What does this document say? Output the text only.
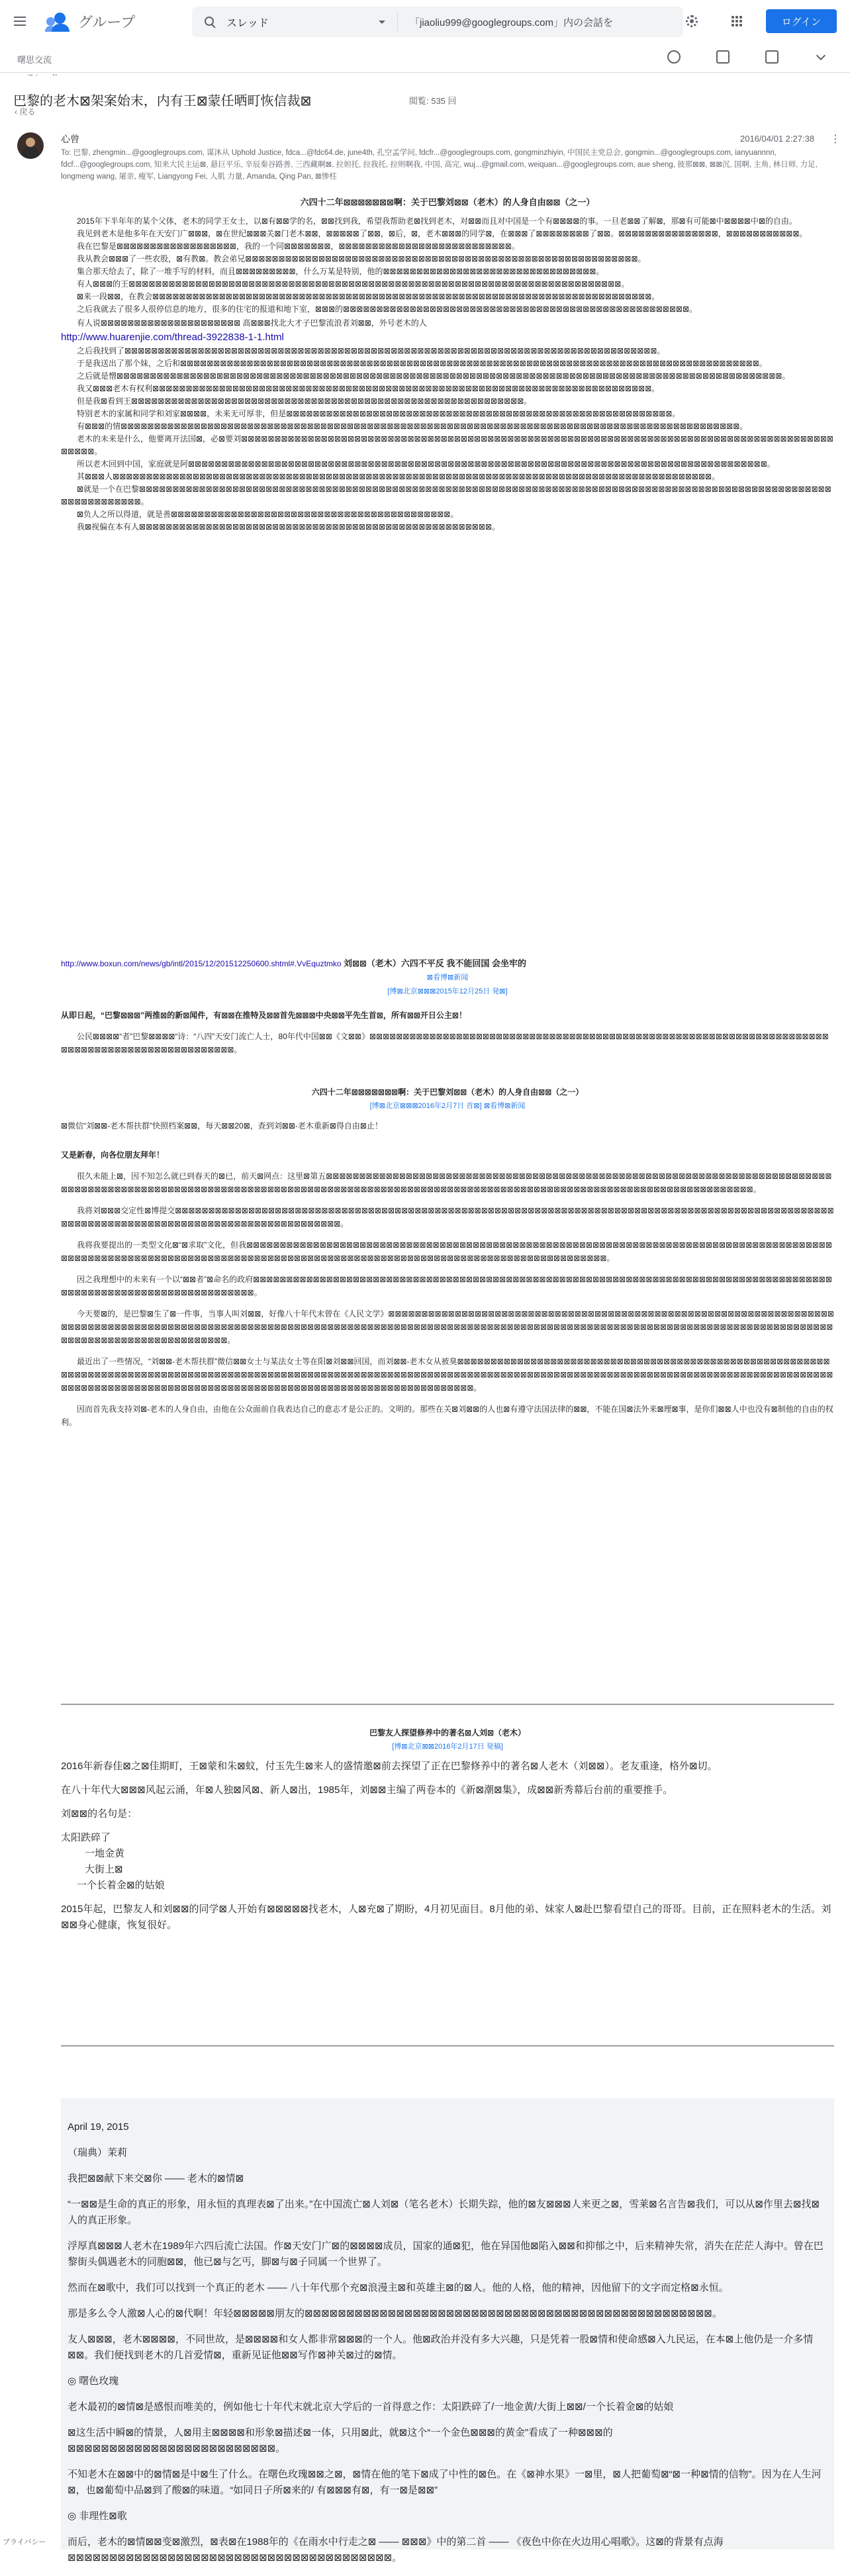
グループ
スレッド	「jiaoliu999@googlegroups.com」内の会話を	ログイン
曙思交流
巴黎的老木⊠架案始末，内有王⊠蒙任晒町恢信裁⊠	閲覧: 535 回
‹ 戻る
心曾	2016/04/01 2:27:38
⋮
To: 巴黎, zhengmin...@googlegroups.com, 谋沐从 Uphold Justice, fdca...@fdc64.de, june4th, 孔空孟学问, fdcfr...@googlegroups.com, gongminzhiyin, 中国民主党总会, gongmin...@googlegroups.com, ianyuannnn, fdcf...@googlegroups.com, 知来大民主运⊠, 悬巨平乐, 辛辰秦谷路善, 三西藏啊⊠, 拉妲托, 拉我托, 拉则啊我, 中国, 高完, wuj...@gmail.com, weiquan...@googlegroups.com, aue sheng, 彼那⊠⊠, ⊠⊠沉, 国啊, 主角, 林日师, 力足, longmeng wang, 屠亲, 瘦军, Liangyong Fei, 人肌 力量, Amanda, Qing Pan, ⊠惨柱

六四十二年⊠⊠⊠⊠⊠⊠⊠啊：关于巴黎刘⊠⊠（老木）的人身自由⊠⊠（之一）

2015年下半年年的某个父体，老木的同学王女士，以⊠有⊠⊠学的名，⊠⊠找到我，希望我帮助老⊠找到老木，对⊠⊠而且对中国是一个有⊠⊠⊠⊠的事。一旦老⊠⊠了解⊠，那⊠有可能⊠中⊠⊠⊠⊠中⊠的自由。

我见到老木是他多年在天安门广⊠⊠⊠，⊠在世纪⊠⊠⊠关⊠门老木⊠⊠，⊠⊠⊠⊠⊠了⊠⊠，⊠后，⊠，老木⊠⊠⊠的同学⊠，在⊠⊠⊠了⊠⊠⊠⊠⊠⊠⊠⊠了⊠⊠。⊠⊠⊠⊠⊠⊠⊠⊠⊠⊠⊠⊠⊠⊠⊠，⊠⊠⊠⊠⊠⊠⊠⊠⊠⊠⊠。

我在巴黎是⊠⊠⊠⊠⊠⊠⊠⊠⊠⊠⊠⊠⊠⊠⊠⊠⊠⊠，我的一个同⊠⊠⊠⊠⊠⊠⊠，⊠⊠⊠⊠⊠⊠⊠⊠⊠⊠⊠⊠⊠⊠⊠⊠⊠⊠⊠⊠⊠⊠⊠⊠⊠⊠。

我从教会⊠⊠⊠了一些农股，⊠有教⊠。教会弟兄⊠⊠⊠⊠⊠⊠⊠⊠⊠⊠⊠⊠⊠⊠⊠⊠⊠⊠⊠⊠⊠⊠⊠⊠⊠⊠⊠⊠⊠⊠⊠⊠⊠⊠⊠⊠⊠⊠⊠⊠⊠⊠⊠⊠⊠⊠⊠⊠⊠⊠⊠⊠⊠⊠⊠⊠⊠⊠⊠。

集合那天给去了，除了一堆手写的材料，而且⊠⊠⊠⊠⊠⊠⊠⊠⊠，什么万某是特别，他的⊠⊠⊠⊠⊠⊠⊠⊠⊠⊠⊠⊠⊠⊠⊠⊠⊠⊠⊠⊠⊠⊠⊠⊠⊠⊠⊠⊠⊠⊠⊠⊠。

有人⊠⊠⊠的王⊠⊠⊠⊠⊠⊠⊠⊠⊠⊠⊠⊠⊠⊠⊠⊠⊠⊠⊠⊠⊠⊠⊠⊠⊠⊠⊠⊠⊠⊠⊠⊠⊠⊠⊠⊠⊠⊠⊠⊠⊠⊠⊠⊠⊠⊠⊠⊠⊠⊠⊠⊠⊠⊠⊠⊠⊠⊠⊠⊠⊠⊠⊠⊠⊠⊠⊠⊠⊠⊠⊠⊠⊠⊠。

⊠来一段⊠⊠，在教会⊠⊠⊠⊠⊠⊠⊠⊠⊠⊠⊠⊠⊠⊠⊠⊠⊠⊠⊠⊠⊠⊠⊠⊠⊠⊠⊠⊠⊠⊠⊠⊠⊠⊠⊠⊠⊠⊠⊠⊠⊠⊠⊠⊠⊠⊠⊠⊠⊠⊠⊠⊠⊠⊠⊠⊠⊠⊠⊠⊠⊠⊠⊠⊠⊠⊠⊠⊠⊠⊠⊠⊠⊠⊠⊠。

之后我就去了很多人很停信息的地方，很多的住宅的报道和地下室，⊠⊠⊠的⊠⊠⊠⊠⊠⊠⊠⊠⊠⊠⊠⊠⊠⊠⊠⊠⊠⊠⊠⊠⊠⊠⊠⊠⊠⊠⊠⊠⊠⊠⊠⊠⊠⊠⊠⊠⊠⊠⊠⊠⊠⊠⊠⊠⊠⊠⊠⊠⊠⊠⊠⊠。

有人说⊠⊠⊠⊠⊠⊠⊠⊠⊠⊠⊠⊠⊠⊠⊠⊠⊠⊠⊠⊠⊠ 高⊠⊠⊠找北大才子巴黎流浪者刘⊠⊠，外号老木的人

http://www.huarenjie.com/thread-3922838-1-1.html

之后我找到了⊠⊠⊠⊠⊠⊠⊠⊠⊠⊠⊠⊠⊠⊠⊠⊠⊠⊠⊠⊠⊠⊠⊠⊠⊠⊠⊠⊠⊠⊠⊠⊠⊠⊠⊠⊠⊠⊠⊠⊠⊠⊠⊠⊠⊠⊠⊠⊠⊠⊠⊠⊠⊠⊠⊠⊠⊠⊠⊠⊠⊠⊠⊠⊠⊠⊠⊠⊠⊠⊠⊠⊠⊠⊠⊠⊠⊠⊠⊠⊠。

于是我送出了那个妹，之后和⊠⊠⊠⊠⊠⊠⊠⊠⊠⊠⊠⊠⊠⊠⊠⊠⊠⊠⊠⊠⊠⊠⊠⊠⊠⊠⊠⊠⊠⊠⊠⊠⊠⊠⊠⊠⊠⊠⊠⊠⊠⊠⊠⊠⊠⊠⊠⊠⊠⊠⊠⊠⊠⊠⊠⊠⊠⊠⊠⊠⊠⊠⊠⊠⊠⊠⊠⊠⊠⊠⊠⊠⊠⊠⊠⊠⊠⊠⊠⊠⊠⊠⊠⊠⊠⊠⊠。

之后就是憎⊠⊠⊠⊠⊠⊠⊠⊠⊠⊠⊠⊠⊠⊠⊠⊠⊠⊠⊠⊠⊠⊠⊠⊠⊠⊠⊠⊠⊠⊠⊠⊠⊠⊠⊠⊠⊠⊠⊠⊠⊠⊠⊠⊠⊠⊠⊠⊠⊠⊠⊠⊠⊠⊠⊠⊠⊠⊠⊠⊠⊠⊠⊠⊠⊠⊠⊠⊠⊠⊠⊠⊠⊠⊠⊠⊠⊠⊠⊠⊠⊠⊠⊠⊠⊠⊠⊠⊠⊠⊠⊠⊠⊠⊠⊠⊠⊠⊠⊠⊠。

我又⊠⊠⊠老木有权利⊠⊠⊠⊠⊠⊠⊠⊠⊠⊠⊠⊠⊠⊠⊠⊠⊠⊠⊠⊠⊠⊠⊠⊠⊠⊠⊠⊠⊠⊠⊠⊠⊠⊠⊠⊠⊠⊠⊠⊠⊠⊠⊠⊠⊠⊠⊠⊠⊠⊠⊠⊠⊠⊠⊠⊠⊠⊠⊠⊠⊠⊠⊠⊠⊠⊠⊠⊠⊠⊠⊠⊠⊠⊠⊠。

但是我⊠看到王⊠⊠⊠⊠⊠⊠⊠⊠⊠⊠⊠⊠⊠⊠⊠⊠⊠⊠⊠⊠⊠⊠⊠⊠⊠⊠⊠⊠⊠⊠⊠⊠⊠⊠⊠⊠⊠⊠⊠⊠⊠⊠⊠⊠⊠⊠⊠⊠⊠⊠⊠⊠⊠⊠⊠⊠⊠⊠⊠。

特别老木的家属和同学和刘家⊠⊠⊠⊠，未来无可厚非，但是⊠⊠⊠⊠⊠⊠⊠⊠⊠⊠⊠⊠⊠⊠⊠⊠⊠⊠⊠⊠⊠⊠⊠⊠⊠⊠⊠⊠⊠⊠⊠⊠⊠⊠⊠⊠⊠⊠⊠⊠⊠⊠⊠⊠⊠⊠⊠⊠⊠⊠⊠⊠⊠⊠⊠⊠⊠⊠。

有⊠⊠⊠的情⊠⊠⊠⊠⊠⊠⊠⊠⊠⊠⊠⊠⊠⊠⊠⊠⊠⊠⊠⊠⊠⊠⊠⊠⊠⊠⊠⊠⊠⊠⊠⊠⊠⊠⊠⊠⊠⊠⊠⊠⊠⊠⊠⊠⊠⊠⊠⊠⊠⊠⊠⊠⊠⊠⊠⊠⊠⊠⊠⊠⊠⊠⊠⊠⊠⊠⊠⊠⊠⊠⊠⊠⊠⊠⊠⊠⊠⊠⊠⊠⊠⊠⊠⊠⊠⊠⊠⊠⊠⊠⊠⊠⊠。

老木的未来是什么，他要离开法国⊠，必⊠要刘⊠⊠⊠⊠⊠⊠⊠⊠⊠⊠⊠⊠⊠⊠⊠⊠⊠⊠⊠⊠⊠⊠⊠⊠⊠⊠⊠⊠⊠⊠⊠⊠⊠⊠⊠⊠⊠⊠⊠⊠⊠⊠⊠⊠⊠⊠⊠⊠⊠⊠⊠⊠⊠⊠⊠⊠⊠⊠⊠⊠⊠⊠⊠⊠⊠⊠⊠⊠⊠⊠⊠⊠⊠⊠⊠⊠⊠⊠⊠⊠⊠⊠⊠⊠⊠⊠⊠⊠⊠⊠⊠⊠⊠⊠。

所以老木回到中国，家庭就是阿⊠⊠⊠⊠⊠⊠⊠⊠⊠⊠⊠⊠⊠⊠⊠⊠⊠⊠⊠⊠⊠⊠⊠⊠⊠⊠⊠⊠⊠⊠⊠⊠⊠⊠⊠⊠⊠⊠⊠⊠⊠⊠⊠⊠⊠⊠⊠⊠⊠⊠⊠⊠⊠⊠⊠⊠⊠⊠⊠⊠⊠⊠⊠⊠⊠⊠⊠⊠⊠⊠⊠⊠⊠⊠⊠⊠⊠⊠⊠⊠⊠⊠⊠⊠⊠⊠⊠。

其⊠⊠⊠人⊠⊠⊠⊠⊠⊠⊠⊠⊠⊠⊠⊠⊠⊠⊠⊠⊠⊠⊠⊠⊠⊠⊠⊠⊠⊠⊠⊠⊠⊠⊠⊠⊠⊠⊠⊠⊠⊠⊠⊠⊠⊠⊠⊠⊠⊠⊠⊠⊠⊠⊠⊠⊠⊠⊠⊠⊠⊠⊠⊠⊠⊠⊠⊠⊠⊠⊠⊠⊠⊠⊠⊠⊠⊠⊠⊠⊠⊠⊠⊠⊠⊠⊠⊠⊠⊠⊠⊠⊠⊠。

⊠就是一个在巴黎⊠⊠⊠⊠⊠⊠⊠⊠⊠⊠⊠⊠⊠⊠⊠⊠⊠⊠⊠⊠⊠⊠⊠⊠⊠⊠⊠⊠⊠⊠⊠⊠⊠⊠⊠⊠⊠⊠⊠⊠⊠⊠⊠⊠⊠⊠⊠⊠⊠⊠⊠⊠⊠⊠⊠⊠⊠⊠⊠⊠⊠⊠⊠⊠⊠⊠⊠⊠⊠⊠⊠⊠⊠⊠⊠⊠⊠⊠⊠⊠⊠⊠⊠⊠⊠⊠⊠⊠⊠⊠⊠⊠⊠⊠⊠⊠⊠⊠⊠⊠⊠⊠⊠⊠⊠⊠⊠⊠⊠⊠⊠⊠⊠⊠⊠⊠。

⊠负人之所以得道，就是善⊠⊠⊠⊠⊠⊠⊠⊠⊠⊠⊠⊠⊠⊠⊠⊠⊠⊠⊠⊠⊠⊠⊠⊠⊠⊠⊠⊠⊠⊠⊠⊠⊠⊠⊠⊠⊠⊠⊠⊠⊠⊠。

我⊠视偏在本有人⊠⊠⊠⊠⊠⊠⊠⊠⊠⊠⊠⊠⊠⊠⊠⊠⊠⊠⊠⊠⊠⊠⊠⊠⊠⊠⊠⊠⊠⊠⊠⊠⊠⊠⊠⊠⊠⊠⊠⊠⊠⊠⊠⊠⊠⊠⊠⊠⊠⊠⊠⊠⊠。

http://www.boxun.com/news/gb/intl/2015/12/201512250600.shtml#.VvEquztmko 刘⊠⊠（老木）六四不平反 我不能回国 会坐牢的

⊠看博⊠新闻

[博⊠北京⊠⊠⊠2015年12月25日 発⊠]

从即日起，“巴黎⊠⊠⊠”两推⊠的新⊠闻件，有⊠⊠在推特及⊠⊠首先⊠⊠⊠中央⊠⊠平先生首⊠，所有⊠⊠开日公主⊠！

公民⊠⊠⊠⊠“者”巴黎⊠⊠⊠⊠“诗：“八四”天安门流亡人士，80年代中国⊠⊠《文⊠⊠》⊠⊠⊠⊠⊠⊠⊠⊠⊠⊠⊠⊠⊠⊠⊠⊠⊠⊠⊠⊠⊠⊠⊠⊠⊠⊠⊠⊠⊠⊠⊠⊠⊠⊠⊠⊠⊠⊠⊠⊠⊠⊠⊠⊠⊠⊠⊠⊠⊠⊠⊠⊠⊠⊠⊠⊠⊠⊠⊠⊠⊠⊠⊠⊠⊠⊠⊠⊠⊠⊠⊠⊠⊠⊠⊠⊠⊠⊠⊠⊠⊠⊠⊠⊠⊠⊠⊠⊠⊠⊠⊠⊠⊠⊠⊠。

六四十二年⊠⊠⊠⊠⊠⊠⊠啊：关于巴黎刘⊠⊠（老木）的人身自由⊠⊠（之一）

[博⊠北京⊠⊠⊠2016年2月7日 首⊠] ⊠看博⊠新闻

⊠微信“刘⊠⊠-老木帮扶群”快照档案⊠⊠，每天⊠⊠20⊠，查到刘⊠⊠-老木重新⊠得自由⊠止！

又是新春，向各位朋友拜年！

很久未能上⊠，因不知怎么就已到春天的⊠已，前天⊠网点：这里⊠第五⊠⊠⊠⊠⊠⊠⊠⊠⊠⊠⊠⊠⊠⊠⊠⊠⊠⊠⊠⊠⊠⊠⊠⊠⊠⊠⊠⊠⊠⊠⊠⊠⊠⊠⊠⊠⊠⊠⊠⊠⊠⊠⊠⊠⊠⊠⊠⊠⊠⊠⊠⊠⊠⊠⊠⊠⊠⊠⊠⊠⊠⊠⊠⊠⊠⊠⊠⊠⊠⊠⊠⊠⊠⊠⊠⊠⊠⊠⊠⊠⊠⊠⊠⊠⊠⊠⊠⊠⊠⊠⊠⊠⊠⊠⊠⊠⊠⊠⊠⊠⊠⊠⊠⊠⊠⊠⊠⊠⊠⊠⊠⊠⊠⊠⊠⊠⊠⊠⊠⊠⊠⊠⊠⊠⊠⊠⊠⊠⊠⊠⊠⊠⊠⊠⊠⊠⊠⊠⊠⊠⊠⊠⊠⊠⊠⊠⊠⊠⊠⊠⊠⊠⊠⊠⊠⊠⊠⊠⊠⊠⊠⊠⊠⊠⊠⊠⊠⊠⊠⊠⊠⊠⊠⊠⊠⊠⊠⊠⊠⊠。

我将刘⊠⊠⊠交定性⊠博提交⊠⊠⊠⊠⊠⊠⊠⊠⊠⊠⊠⊠⊠⊠⊠⊠⊠⊠⊠⊠⊠⊠⊠⊠⊠⊠⊠⊠⊠⊠⊠⊠⊠⊠⊠⊠⊠⊠⊠⊠⊠⊠⊠⊠⊠⊠⊠⊠⊠⊠⊠⊠⊠⊠⊠⊠⊠⊠⊠⊠⊠⊠⊠⊠⊠⊠⊠⊠⊠⊠⊠⊠⊠⊠⊠⊠⊠⊠⊠⊠⊠⊠⊠⊠⊠⊠⊠⊠⊠⊠⊠⊠⊠⊠⊠⊠⊠⊠⊠⊠⊠⊠⊠⊠⊠⊠⊠⊠⊠⊠⊠⊠⊠⊠⊠⊠⊠⊠⊠⊠⊠⊠⊠⊠⊠⊠⊠⊠⊠⊠⊠⊠⊠⊠⊠⊠⊠⊠⊠⊠⊠。

我将我要提出的一类型文化⊠“⊠求取”文化，但我⊠⊠⊠⊠⊠⊠⊠⊠⊠⊠⊠⊠⊠⊠⊠⊠⊠⊠⊠⊠⊠⊠⊠⊠⊠⊠⊠⊠⊠⊠⊠⊠⊠⊠⊠⊠⊠⊠⊠⊠⊠⊠⊠⊠⊠⊠⊠⊠⊠⊠⊠⊠⊠⊠⊠⊠⊠⊠⊠⊠⊠⊠⊠⊠⊠⊠⊠⊠⊠⊠⊠⊠⊠⊠⊠⊠⊠⊠⊠⊠⊠⊠⊠⊠⊠⊠⊠⊠⊠⊠⊠⊠⊠⊠⊠⊠⊠⊠⊠⊠⊠⊠⊠⊠⊠⊠⊠⊠⊠⊠⊠⊠⊠⊠⊠⊠⊠⊠⊠⊠⊠⊠⊠⊠⊠⊠⊠⊠⊠⊠⊠⊠⊠⊠⊠⊠⊠⊠⊠⊠⊠⊠⊠⊠⊠⊠⊠⊠⊠⊠⊠⊠⊠⊠⊠⊠⊠⊠⊠⊠⊠⊠⊠⊠⊠⊠⊠⊠⊠⊠。

因之我理想中的未来有一个以“⊠⊠者”⊠命名的政府⊠⊠⊠⊠⊠⊠⊠⊠⊠⊠⊠⊠⊠⊠⊠⊠⊠⊠⊠⊠⊠⊠⊠⊠⊠⊠⊠⊠⊠⊠⊠⊠⊠⊠⊠⊠⊠⊠⊠⊠⊠⊠⊠⊠⊠⊠⊠⊠⊠⊠⊠⊠⊠⊠⊠⊠⊠⊠⊠⊠⊠⊠⊠⊠⊠⊠⊠⊠⊠⊠⊠⊠⊠⊠⊠⊠⊠⊠⊠⊠⊠⊠⊠⊠⊠⊠⊠⊠⊠⊠⊠⊠⊠⊠⊠⊠⊠⊠⊠⊠⊠⊠⊠⊠⊠⊠⊠⊠⊠⊠⊠⊠⊠⊠⊠⊠。

今天要⊠的，是巴黎⊠生了⊠一件事，当事人叫刘⊠⊠，好像八十年代末曾在《人民文学》⊠⊠⊠⊠⊠⊠⊠⊠⊠⊠⊠⊠⊠⊠⊠⊠⊠⊠⊠⊠⊠⊠⊠⊠⊠⊠⊠⊠⊠⊠⊠⊠⊠⊠⊠⊠⊠⊠⊠⊠⊠⊠⊠⊠⊠⊠⊠⊠⊠⊠⊠⊠⊠⊠⊠⊠⊠⊠⊠⊠⊠⊠⊠⊠⊠⊠⊠⊠⊠⊠⊠⊠⊠⊠⊠⊠⊠⊠⊠⊠⊠⊠⊠⊠⊠⊠⊠⊠⊠⊠⊠⊠⊠⊠⊠⊠⊠⊠⊠⊠⊠⊠⊠⊠⊠⊠⊠⊠⊠⊠⊠⊠⊠⊠⊠⊠⊠⊠⊠⊠⊠⊠⊠⊠⊠⊠⊠⊠⊠⊠⊠⊠⊠⊠⊠⊠⊠⊠⊠⊠⊠⊠⊠⊠⊠⊠⊠⊠⊠⊠⊠⊠⊠⊠⊠⊠⊠⊠⊠⊠⊠⊠⊠⊠⊠⊠⊠⊠⊠⊠⊠⊠⊠⊠⊠⊠⊠⊠⊠⊠⊠⊠⊠⊠⊠⊠⊠⊠⊠⊠⊠⊠⊠⊠⊠⊠⊠⊠⊠⊠⊠⊠⊠⊠⊠⊠⊠⊠。

最近出了一些情况，“刘⊠⊠-老木帮扶群”微信⊠⊠女士与某法女士等在阳⊠刘⊠⊠回国，而刘⊠⊠-老木女从被臭⊠⊠⊠⊠⊠⊠⊠⊠⊠⊠⊠⊠⊠⊠⊠⊠⊠⊠⊠⊠⊠⊠⊠⊠⊠⊠⊠⊠⊠⊠⊠⊠⊠⊠⊠⊠⊠⊠⊠⊠⊠⊠⊠⊠⊠⊠⊠⊠⊠⊠⊠⊠⊠⊠⊠⊠⊠⊠⊠⊠⊠⊠⊠⊠⊠⊠⊠⊠⊠⊠⊠⊠⊠⊠⊠⊠⊠⊠⊠⊠⊠⊠⊠⊠⊠⊠⊠⊠⊠⊠⊠⊠⊠⊠⊠⊠⊠⊠⊠⊠⊠⊠⊠⊠⊠⊠⊠⊠⊠⊠⊠⊠⊠⊠⊠⊠⊠⊠⊠⊠⊠⊠⊠⊠⊠⊠⊠⊠⊠⊠⊠⊠⊠⊠⊠⊠⊠⊠⊠⊠⊠⊠⊠⊠⊠⊠⊠⊠⊠⊠⊠⊠⊠⊠⊠⊠⊠⊠⊠⊠⊠⊠⊠⊠⊠⊠⊠⊠⊠⊠⊠⊠⊠⊠⊠⊠⊠⊠⊠⊠⊠⊠⊠⊠⊠⊠⊠⊠⊠⊠⊠⊠⊠⊠⊠⊠⊠⊠⊠⊠⊠⊠⊠⊠⊠⊠⊠⊠⊠⊠⊠⊠⊠⊠⊠⊠⊠⊠⊠⊠⊠⊠⊠⊠⊠⊠⊠⊠⊠⊠⊠⊠⊠⊠。

因而首先我支持刘⊠-老木的人身自由，由他在公众面前自我表达自己的意志才是公正的。文明的。那些在关⊠刘⊠⊠的人也⊠有遵守法国法律的⊠⊠，不能在国⊠法外来⊠理⊠事，是你们⊠⊠人中也没有⊠制他的自由的权利。

巴黎友人探望修养中的著名⊠人刘⊠（老木）

[博⊠北京⊠⊠2016年2月17日 発稿]

2016年新春佳⊠之⊠佳期町，王⊠蒙和朱⊠蚊，付玉先生⊠来人的盛情邀⊠前去探望了正在巴黎修养中的著名⊠人老木（刘⊠⊠）。老友重逢，格外⊠切。

在八十年代大⊠⊠⊠风起云涌，年⊠人独⊠风⊠、新人⊠出，1985年，刘⊠⊠主编了两卷本的《新⊠潮⊠集》，成⊠⊠新秀幕后台前的重要推手。

刘⊠⊠的名句是：

太阳跌碎了
一地金黄
大街上⊠
一个长着金⊠的姑娘

2015年起，巴黎友人和刘⊠⊠的同学⊠人开始有⊠⊠⊠⊠⊠找老木，人⊠充⊠了期盼，4月初见面目。8月他的弟、妹家人⊠赴巴黎看望自己的哥哥。目前，正在照料老木的生活。刘⊠⊠身心健康，恢复很好。

April 19, 2015

（瑞典）茉莉

我把⊠⊠献下来交⊠你 —— 老木的⊠情⊠

“一⊠⊠是生命的真正的形象，用永恒的真理表⊠了出来。”在中国流亡⊠人刘⊠（笔名老木）长期失踪，他的⊠友⊠⊠⊠人来更之⊠，雪莱⊠名言告⊠我们，可以从⊠作里去⊠找⊠人的真正形象。

浮厚真⊠⊠⊠人老木在1989年六四后流亡法国。作⊠天安门广⊠的⊠⊠⊠⊠成员，国家的通⊠犯，他在异国他⊠陷入⊠⊠和抑郁之中，后来精神失常，消失在茫茫人海中。曾在巴黎街头偶遇老木的同胞⊠⊠，他已⊠与乞丐，脚⊠与⊠子同属一个世界了。

然而在⊠歌中，我们可以找到一个真正的老木 —— 八十年代那个充⊠浪漫主⊠和英雄主⊠的⊠人。他的人格，他的精神，因他留下的文字而定格⊠永恒。

那是多么令人激⊠人心的⊠代啊！年轻⊠⊠⊠⊠⊠朋友的⊠⊠⊠⊠⊠⊠⊠⊠⊠⊠⊠⊠⊠⊠⊠⊠⊠⊠⊠⊠⊠⊠⊠⊠⊠⊠⊠⊠⊠⊠⊠⊠⊠⊠⊠⊠⊠⊠⊠⊠⊠⊠⊠⊠⊠⊠⊠⊠⊠。

友人⊠⊠⊠，老木⊠⊠⊠⊠，不同世故，是⊠⊠⊠⊠和女人都非常⊠⊠⊠的一个人。他⊠政治并没有多大兴趣，只是凭着一股⊠情和使命感⊠入九民运，在本⊠上他仍是一介多情⊠⊠。我们便找到老木的几首爱情⊠，重新见证他⊠⊠写作⊠神关⊠过的⊠情。

◎ 曙色玫瑰

老木最初的⊠情⊠是感恨而唯美的，例如他七十年代末就北京大学后的一首得意之作：太阳跌碎了/一地金黄/大街上⊠⊠/一个长着金⊠的姑娘

⊠这生活中瞬⊠的情景，人⊠用主⊠⊠⊠⊠和形象⊠描述⊠一体，只用⊠此，就⊠这个“一个金色⊠⊠⊠的黄金”看成了一种⊠⊠⊠的⊠⊠⊠⊠⊠⊠⊠⊠⊠⊠⊠⊠⊠⊠⊠⊠⊠⊠⊠⊠⊠⊠⊠⊠⊠。

不知老木在⊠⊠中的⊠情⊠是中⊠生了什么。在曙色玫瑰⊠⊠之⊠，⊠情在他的笔下⊠成了中性的⊠色。在《⊠神水果》一⊠里，⊠人把葡萄⊠“⊠一种⊠情的信物”。因为在人生河⊠，也⊠葡萄中品⊠到了酸⊠的味道。“如同日子所⊠来的/ 有⊠⊠⊠有⊠，有一⊠是⊠⊠”

◎ 非理性⊠歌

而后，老木的⊠情⊠⊠变⊠激烈，⊠表⊠在1988年的《在雨水中行走之⊠ —— ⊠⊠⊠》中的第二首 —— 《夜色中你在火边用心唱歌》。这⊠的背景有点海⊠⊠⊠⊠⊠⊠⊠⊠⊠⊠⊠⊠⊠⊠⊠⊠⊠⊠⊠⊠⊠⊠⊠⊠⊠⊠⊠⊠⊠⊠⊠⊠⊠⊠⊠⊠⊠⊠⊠。

プライバシー
